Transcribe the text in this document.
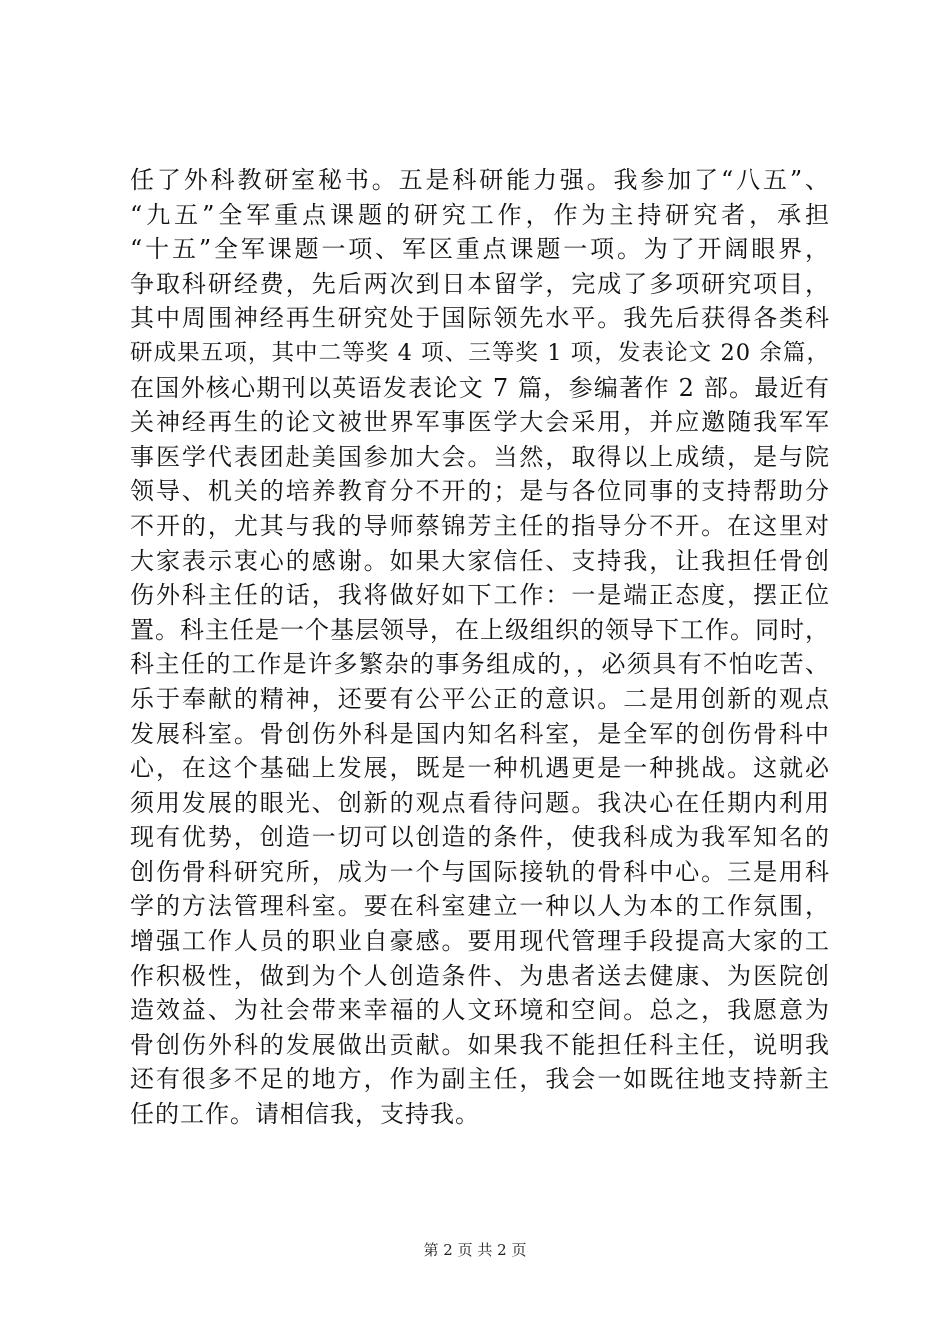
任了外科教研室秘书。五是科研能力强。我参加了“八五”、
“九五”全军重点课题的研究工作，作为主持研究者，承担
“十五”全军课题一项、军区重点课题一项。为了开阔眼界，
争取科研经费，先后两次到日本留学，完成了多项研究项目，
其中周围神经再生研究处于国际领先水平。我先后获得各类科
研成果五项，其中二等奖 4 项、三等奖 1 项，发表论文 20 余篇，
在国外核心期刊以英语发表论文 7 篇，参编著作 2 部。最近有
关神经再生的论文被世界军事医学大会采用，并应邀随我军军
事医学代表团赴美国参加大会。当然，取得以上成绩，是与院
领导、机关的培养教育分不开的；是与各位同事的支持帮助分
不开的，尤其与我的导师蔡锦芳主任的指导分不开。在这里对
大家表示衷心的感谢。如果大家信任、支持我，让我担任骨创
伤外科主任的话，我将做好如下工作：一是端正态度，摆正位
置。科主任是一个基层领导，在上级组织的领导下工作。同时，
科主任的工作是许多繁杂的事务组成的，，必须具有不怕吃苦、
乐于奉献的精神，还要有公平公正的意识。二是用创新的观点
发展科室。骨创伤外科是国内知名科室，是全军的创伤骨科中
心，在这个基础上发展，既是一种机遇更是一种挑战。这就必
须用发展的眼光、创新的观点看待问题。我决心在任期内利用
现有优势，创造一切可以创造的条件，使我科成为我军知名的
创伤骨科研究所，成为一个与国际接轨的骨科中心。三是用科
学的方法管理科室。要在科室建立一种以人为本的工作氛围，
增强工作人员的职业自豪感。要用现代管理手段提高大家的工
作积极性，做到为个人创造条件、为患者送去健康、为医院创
造效益、为社会带来幸福的人文环境和空间。总之，我愿意为
骨创伤外科的发展做出贡献。如果我不能担任科主任，说明我
还有很多不足的地方，作为副主任，我会一如既往地支持新主
任的工作。请相信我，支持我。
第 2 页 共 2 页
